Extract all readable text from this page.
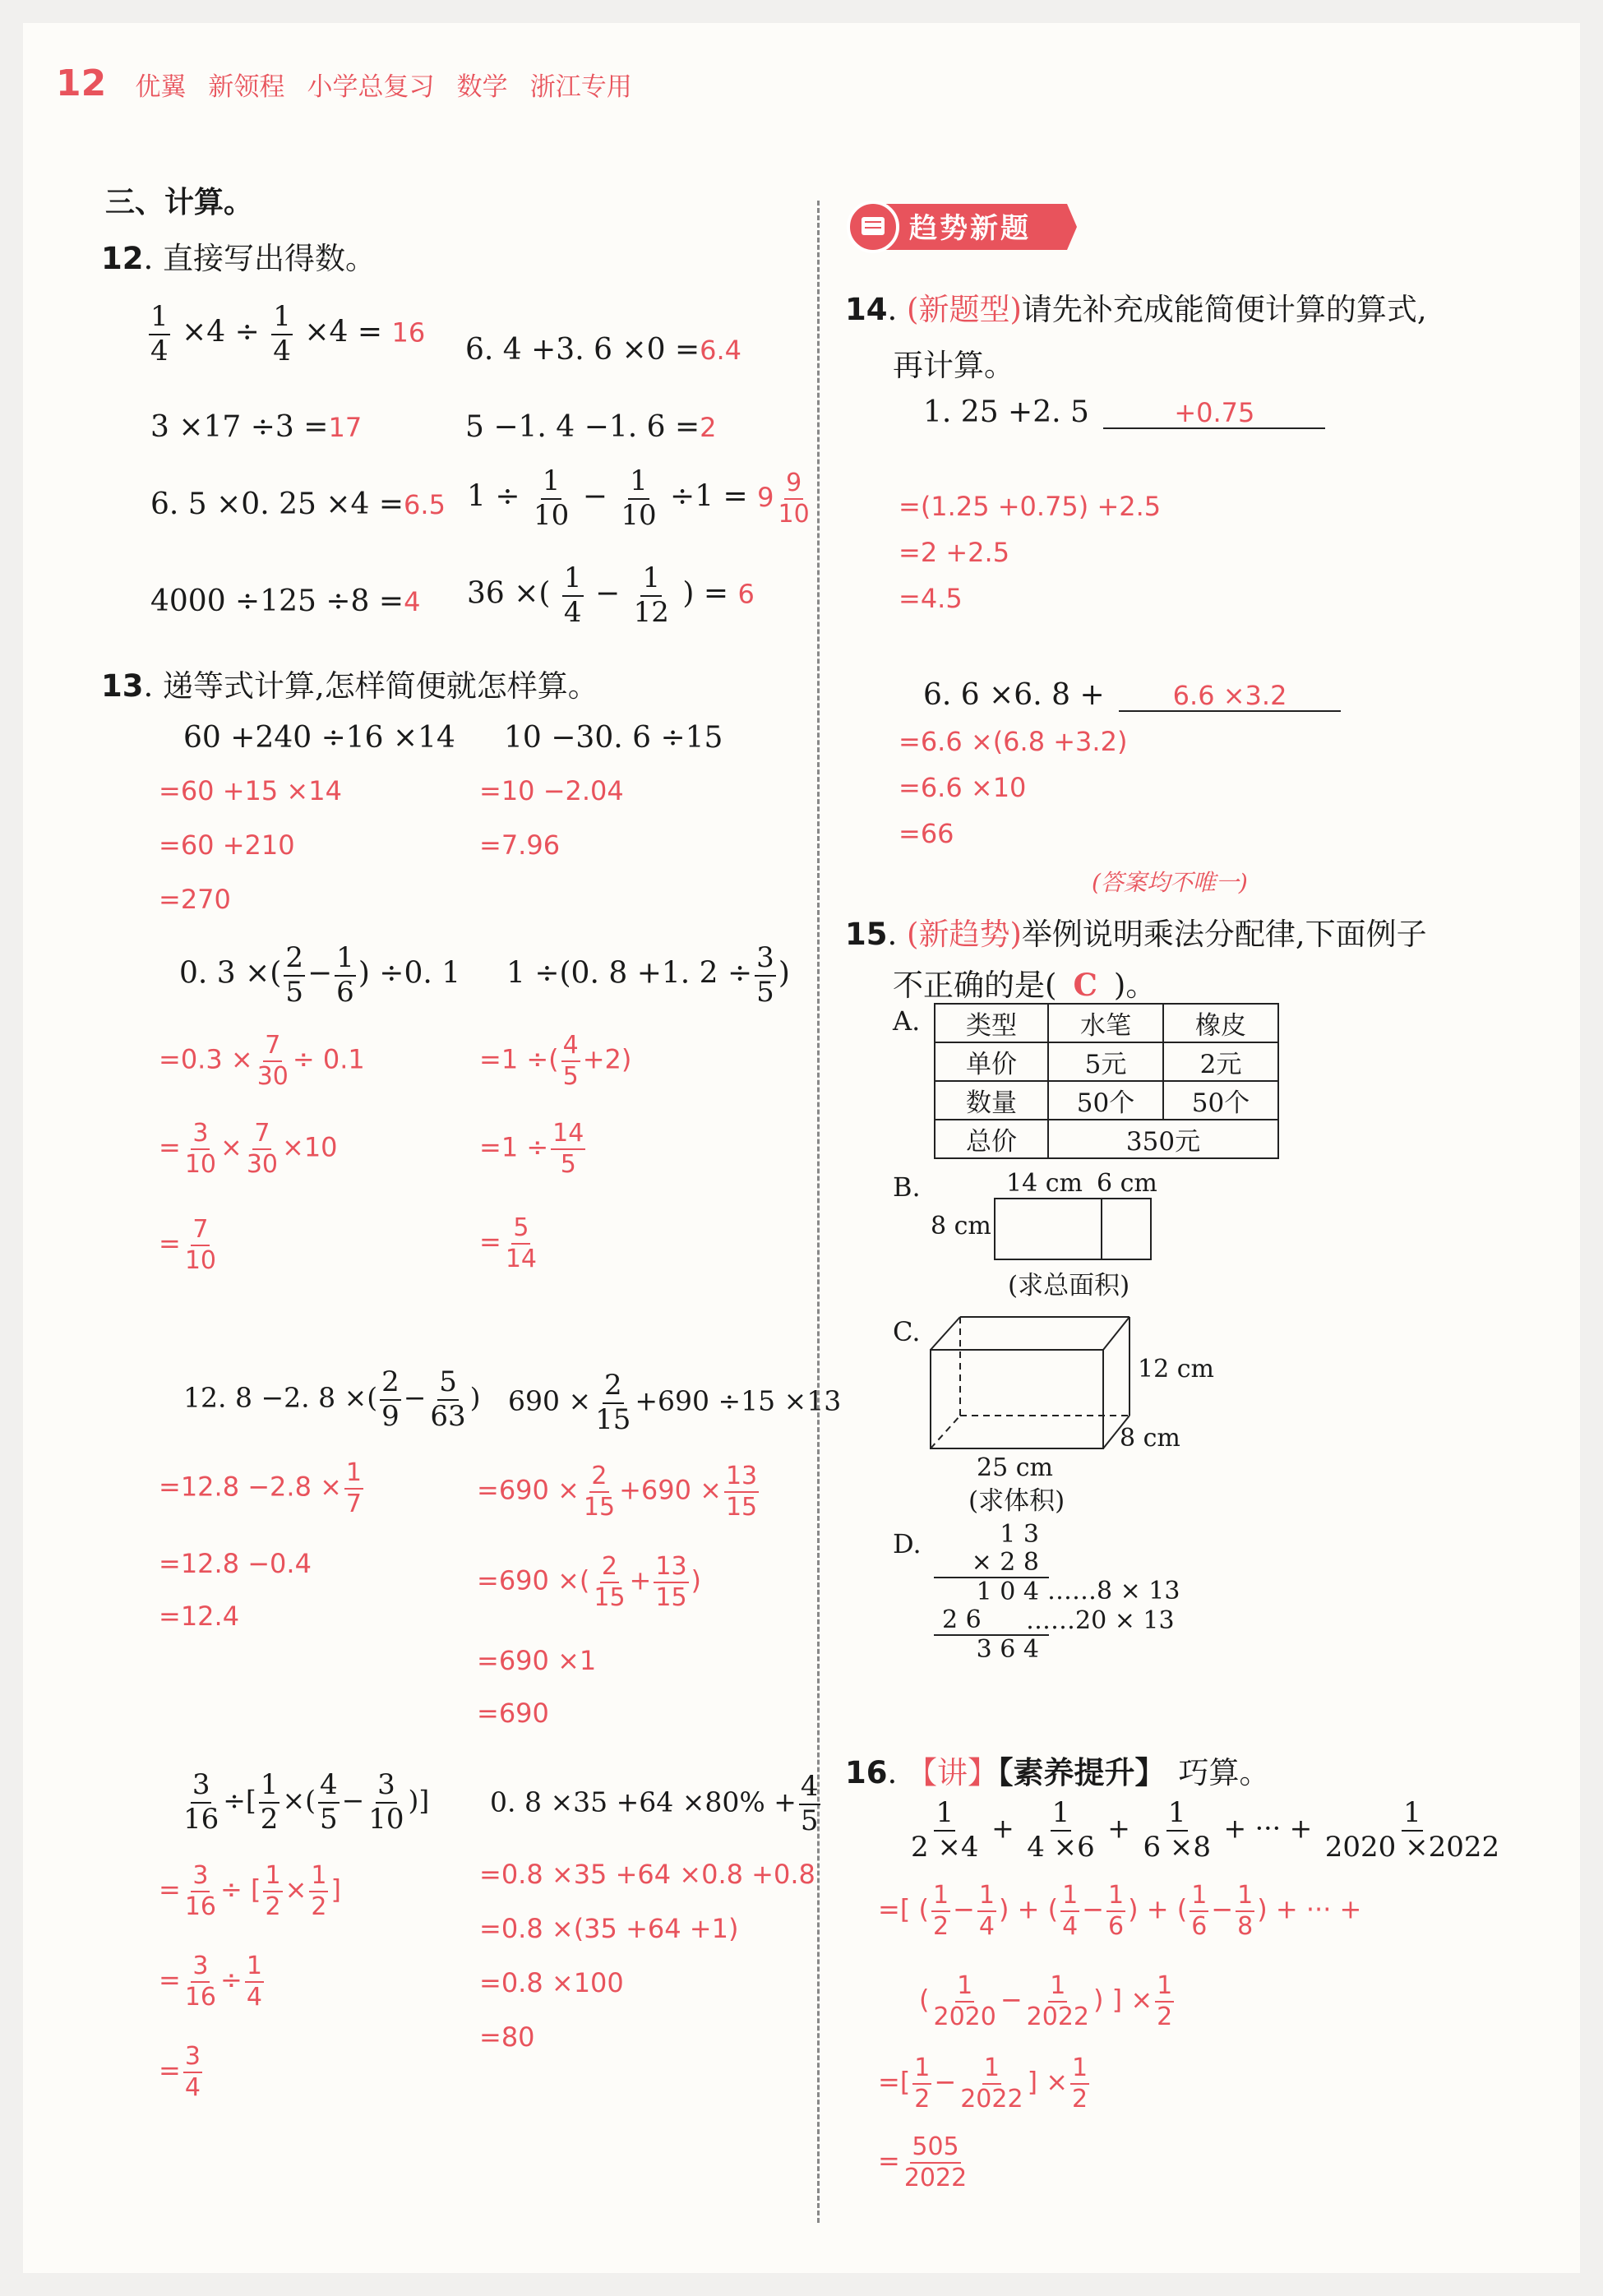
12 优翼 新领程 小学总复习 数学 浙江专用
三、计算。
12. 直接写出得数。
$\frac{1}{4} \times 4 \div \frac{1}{4} \times 4 = 16$
6. 4 +3. 6 ×0 =6.4
3 ×17 ÷3 =17	5 −1. 4 −1. 6 =2
6. 5 ×0. 25 ×4 =6.5 $1 \div \frac{1}{10} - \frac{1}{10} \div 1 = 9 \frac{9}{10}$
4000 ÷125 ÷8 =4 36 ×( $\frac{1}{4} - \frac{1}{12}$ ) = 6
13. 递等式计算,怎样简便就怎样算。
60 +240 ÷16 ×14
=60 +15 ×14
=60 +210
=270
10 −30. 6 ÷15
=10 −2.04
=7.96
0. 3 ×( $\frac{2}{5} - \frac{1}{6}$ ) ÷0. 1
$=0.3 \times \frac{7}{30} \div 0.1$
= $\frac{3}{10} \times \frac{7}{30} \times 10$
= $\frac{7}{10}$
1 ÷(0. 8 +1. $2 \div \frac{3}{5}$ )
=1 ÷( $\frac{4}{5} +2$)
$=1 \div \frac{14}{5}$
= $\frac{5}{14}$
12. 8 −2. 8 ×( $\frac{2}{9} - \frac{5}{63}$ )
$=12.8 -2.8 \times \frac{1}{7}$
=12.8 −0.4
=12.4
$690 \times \frac{2}{15} +690 \div 15 \times 13$
$=690 \times \frac{2}{15} +690 \times \frac{13}{15}$
=690 ×( $\frac{2}{15} + \frac{13}{15}$ )
=690 ×1
=690
$\frac{3}{16}$ ÷[ $\frac{1}{2}$ ×( $\frac{4}{5} - \frac{3}{10}$ )]
= $\frac{3}{16}$ ÷ [ $\frac{1}{2} \times \frac{1}{2}$ ]
= $\frac{3}{16} \div \frac{1}{4}$
= $\frac{3}{4}$
0. $8 \times 35 +64 \times 80\% + \frac{4}{5}$
=0.8 ×35 +64 ×0.8 +0.8
=0.8 ×(35 +64 +1)
=0.8 ×100
=80
趋势新题
14. (新题型)请先补充成能简便计算的算式,
再计算。
1. 25 +2. 5	+0.75
=(1.25 +0.75) +2.5
=2 +2.5
=4.5
6. 6 ×6. 8 +	6.6 ×3.2
=6.6 ×(6.8 +3.2)
=6.6 ×10
=66
(答案均不唯一)
15. (新趋势)举例说明乘法分配律,下面例子
不正确的是( C )。
A. 类型	水笔	橡皮
单价	5元	2元
数量	50个	50个
总价	350元	
B.	14 cm 6 cm
8 cm
(求总面积)
C.
12 cm
8 cm
25 cm
(求体积)
D.	1 3
× 2 8
1 0 4
2 6
3 6 4
……8 × 13
……20 × 13
16. 【讲】【素养提升】 巧算。
$\frac{1}{2 \times 4} + \frac{1}{4 \times 6} + \frac{1}{6 \times 8}$ + ··· + $\frac{1}{2020 \times 2022}$
=[ ( $\frac{1}{2} - \frac{1}{4}$ ) + ( $\frac{1}{4} - \frac{1}{6}$ ) + ( $\frac{1}{6} - \frac{1}{8}$ ) + ··· +
( $\frac{1}{2020} - \frac{1}{2022}$ ) ] × $\frac{1}{2}$
=[ $\frac{1}{2} - \frac{1}{2022}$ ] × $\frac{1}{2}$
= $\frac{505}{2022}$
